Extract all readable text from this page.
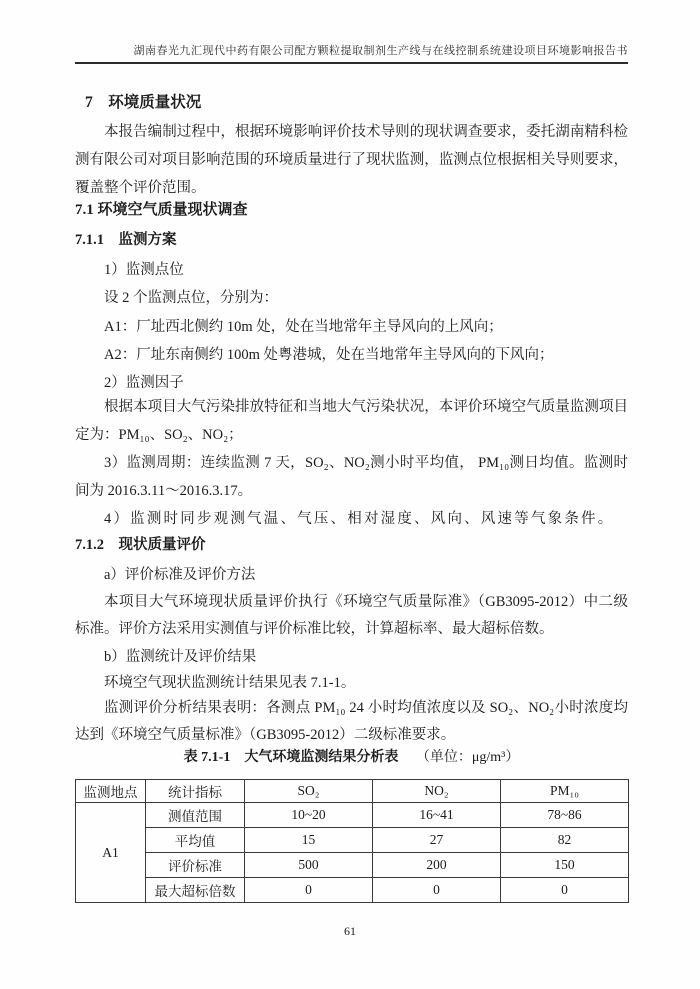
湖南春光九汇现代中药有限公司配方颗粒提取制剂生产线与在线控制系统建设项目环境影响报告书
7　环境质量状况
本报告编制过程中，根据环境影响评价技术导则的现状调查要求，委托湖南精科检测有限公司对项目影响范围的环境质量进行了现状监测，监测点位根据相关导则要求，覆盖整个评价范围。
7.1 环境空气质量现状调查
7.1.1　监测方案
1）监测点位
设 2 个监测点位，分别为：
A1：厂址西北侧约 10m 处，处在当地常年主导风向的上风向；
A2：厂址东南侧约 100m 处粤港城，处在当地常年主导风向的下风向；
2）监测因子
根据本项目大气污染排放特征和当地大气污染状况，本评价环境空气质量监测项目定为：PM₁₀、SO₂、NO₂；
3）监测周期：连续监测 7 天，SO₂、NO₂测小时平均值， PM₁₀测日均值。监测时间为 2016.3.11～2016.3.17。
4）监测时同步观测气温、气压、相对湿度、风向、风速等气象条件。
7.1.2　现状质量评价
a）评价标准及评价方法
本项目大气环境现状质量评价执行《环境空气质量际准》（GB3095-2012）中二级标准。评价方法采用实测值与评价标准比较，计算超标率、最大超标倍数。
b）监测统计及评价结果
环境空气现状监测统计结果见表 7.1-1。
监测评价分析结果表明：各测点 PM₁₀ 24 小时均值浓度以及 SO₂、NO₂小时浓度均达到《环境空气质量标准》（GB3095-2012）二级标准要求。
表 7.1-1　大气环境监测结果分析表 （单位：μg/m³）
监测地点	统计指标	SO₂	NO₂	PM₁₀
A1	测值范围	10~20	16~41	78~86
	平均值	15	27	82
	评价标准	500	200	150
	最大超标倍数	0	0	0
61
